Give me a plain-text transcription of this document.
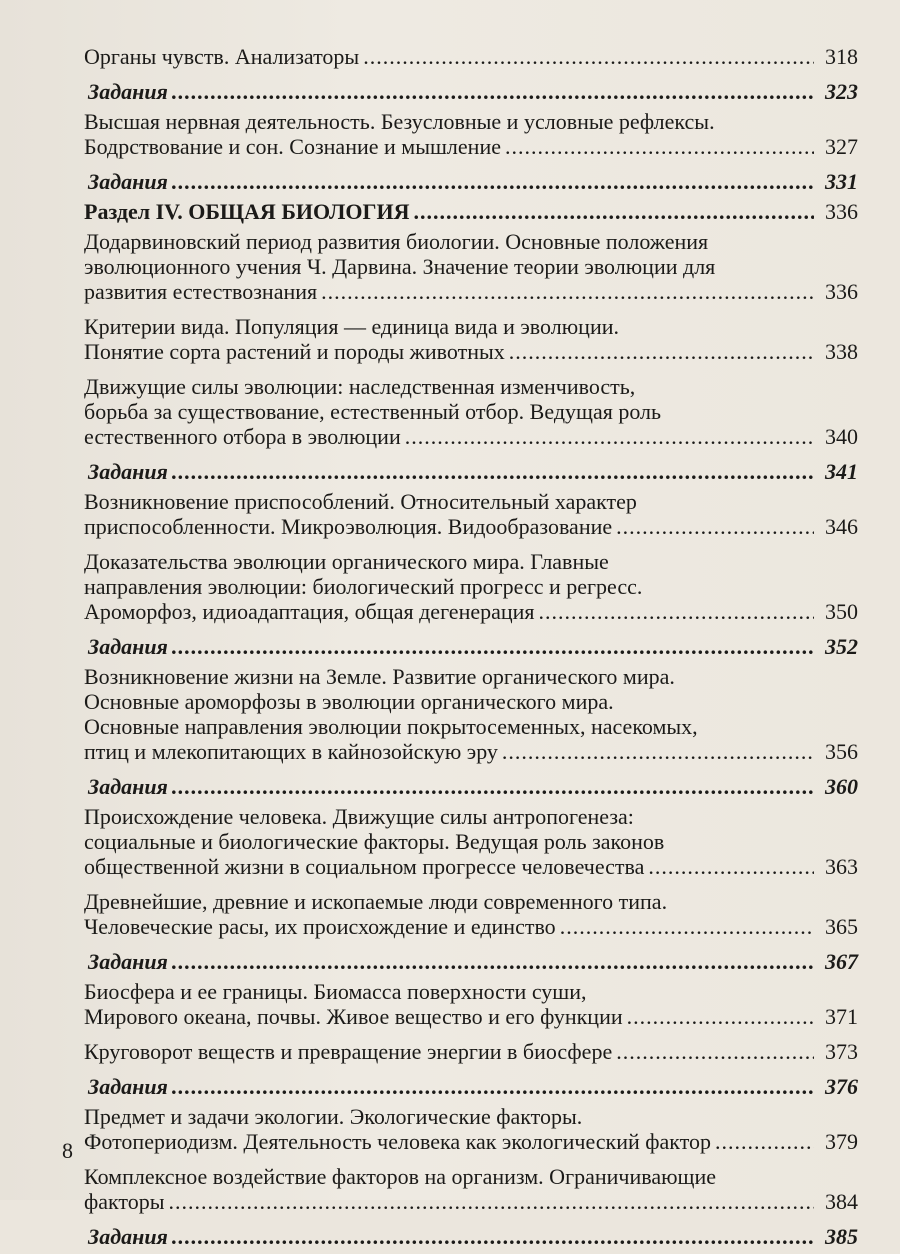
Органы чувств. Анализаторы .....	318
Задания .....	323
Высшая нервная деятельность. Безусловные и условные рефлексы.
Бодрствование и сон. Сознание и мышление .....	327
Задания .....	331
Раздел IV. ОБЩАЯ БИОЛОГИЯ .....	336
Додарвиновский период развития биологии. Основные положения
эволюционного учения Ч. Дарвина. Значение теории эволюции для
развития естествознания .....	336
Критерии вида. Популяция — единица вида и эволюции.
Понятие сорта растений и породы животных .....	338
Движущие силы эволюции: наследственная изменчивость,
борьба за существование, естественный отбор. Ведущая роль
естественного отбора в эволюции .....	340
Задания .....	341
Возникновение приспособлений. Относительный характер
приспособленности. Микроэволюция. Видообразование .....	346
Доказательства эволюции органического мира. Главные
направления эволюции: биологический прогресс и регресс.
Ароморфоз, идиоадаптация, общая дегенерация .....	350
Задания .....	352
Возникновение жизни на Земле. Развитие органического мира.
Основные ароморфозы в эволюции органического мира.
Основные направления эволюции покрытосеменных, насекомых,
птиц и млекопитающих в кайнозойскую эру .....	356
Задания .....	360
Происхождение человека. Движущие силы антропогенеза:
социальные и биологические факторы. Ведущая роль законов
общественной жизни в социальном прогрессе человечества .....	363
Древнейшие, древние и ископаемые люди современного типа.
Человеческие расы, их происхождение и единство .....	365
Задания .....	367
Биосфера и ее границы. Биомасса поверхности суши,
Мирового океана, почвы. Живое вещество и его функции .....	371
Круговорот веществ и превращение энергии в биосфере .....	373
Задания .....	376
Предмет и задачи экологии. Экологические факторы.
Фотопериодизм. Деятельность человека как экологический фактор .....	379
Комплексное воздействие факторов на организм. Ограничивающие
факторы .....	384
Задания .....	385
8
